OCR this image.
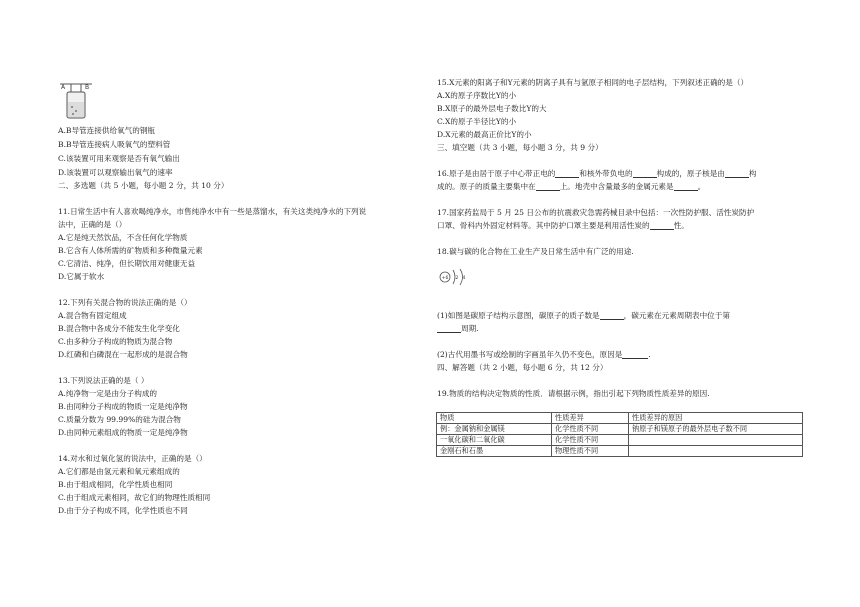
A	B
A.B导管连接供给氧气的钢瓶
B.B导管连接病人吸氧气的塑料管
C.该装置可用来观察是否有氧气输出
D.该装置可以观察输出氧气的速率
二、多选题（共 5 小题，每小题 2 分，共 10 分）
11.日常生活中有人喜欢喝纯净水，市售纯净水中有一些是蒸馏水，有关这类纯净水的下列说
法中，正确的是（）
A.它是纯天然饮品，不含任何化学物质
B.它含有人体所需的矿物质和多种微量元素
C.它清洁、纯净，但长期饮用对健康无益
D.它属于软水
12.下列有关混合物的说法正确的是（）
A.混合物有固定组成
B.混合物中各成分不能发生化学变化
C.由多种分子构成的物质为混合物
D.红磷和白磷混在一起形成的是混合物
13.下列说法正确的是（ ）
A.纯净物一定是由分子构成的
B.由同种分子构成的物质一定是纯净物
C.质量分数为 99.99%的硅为混合物
D.由同种元素组成的物质一定是纯净物
14.对水和过氧化氢的说法中，正确的是（）
A.它们都是由氢元素和氧元素组成的
B.由于组成相同，化学性质也相同
C.由于组成元素相同，故它们的物理性质相同
D.由于分子构成不同，化学性质也不同
15.X元素的阳离子和Y元素的阴离子具有与氩原子相同的电子层结构，下列叙述正确的是（）
A.X的原子序数比Y的小
B.X原子的最外层电子数比Y的大
C.X的原子半径比Y的小
D.X元素的最高正价比Y的小
三、填空题（共 3 小题，每小题 3 分，共 9 分）
16.原子是由居于原子中心带正电的	和核外带负电的	构成的，原子核是由	构
成的。原子的质量主要集中在	上。地壳中含量最多的金属元素是	。
17.国家药监局于 5 月 25 日公布的抗震救灾急需药械目录中包括：一次性防护服、活性炭防护
口罩、骨科内外固定材料等。其中防护口罩主要是利用活性炭的	性。
18.碳与碳的化合物在工业生产及日常生活中有广泛的用途.
+6 2 4
(1)如图是碳原子结构示意图，碳原子的质子数是	，碳元素在元素周期表中位于第
周期.
(2)古代用墨书写或绘制的字画虽年久仍不变色，原因是	.
四、解答题（共 2 小题，每小题 6 分，共 12 分）
19.物质的结构决定物质的性质．请根据示例，指出引起下列物质性质差异的原因.
物质	性质差异	性质差异的原因
例：金属钠和金属镁	化学性质不同	钠原子和镁原子的最外层电子数不同
一氧化碳和二氧化碳	化学性质不同	
金刚石和石墨	物理性质不同	
